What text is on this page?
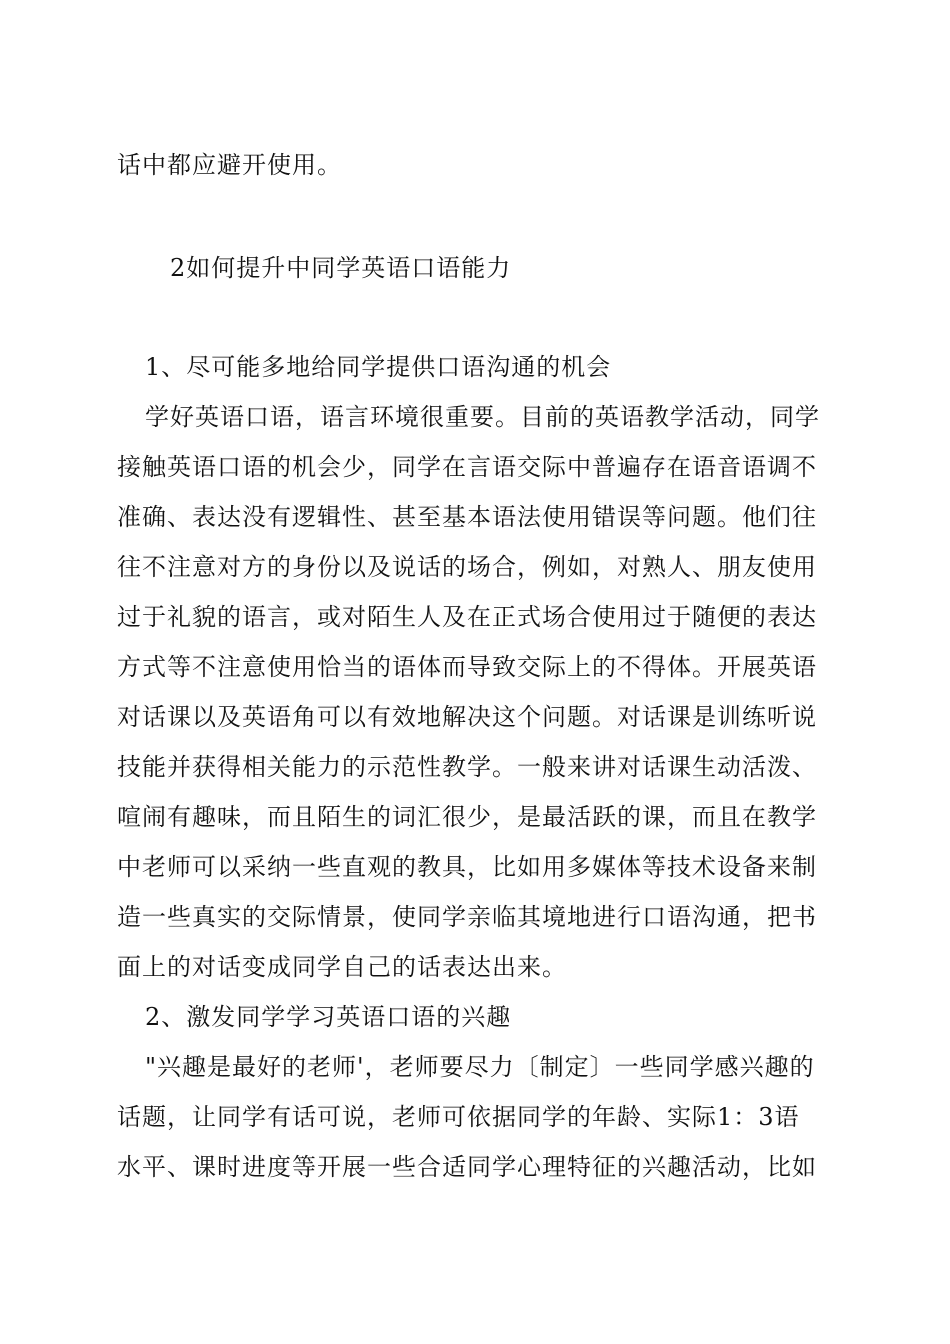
话中都应避开使用。
2如何提升中同学英语口语能力
1、尽可能多地给同学提供口语沟通的机会
学好英语口语，语言环境很重要。目前的英语教学活动，同学
接触英语口语的机会少，同学在言语交际中普遍存在语音语调不
准确、表达没有逻辑性、甚至基本语法使用错误等问题。他们往
往不注意对方的身份以及说话的场合，例如，对熟人、朋友使用
过于礼貌的语言，或对陌生人及在正式场合使用过于随便的表达
方式等不注意使用恰当的语体而导致交际上的不得体。开展英语
对话课以及英语角可以有效地解决这个问题。对话课是训练听说
技能并获得相关能力的示范性教学。一般来讲对话课生动活泼、
喧闹有趣味，而且陌生的词汇很少，是最活跃的课，而且在教学
中老师可以采纳一些直观的教具，比如用多媒体等技术设备来制
造一些真实的交际情景，使同学亲临其境地进行口语沟通，把书
面上的对话变成同学自己的话表达出来。
2、激发同学学习英语口语的兴趣
"兴趣是最好的老师'，老师要尽力〔制定〕一些同学感兴趣的
话题，让同学有话可说，老师可依据同学的年龄、实际1：3语
水平、课时进度等开展一些合适同学心理特征的兴趣活动，比如
